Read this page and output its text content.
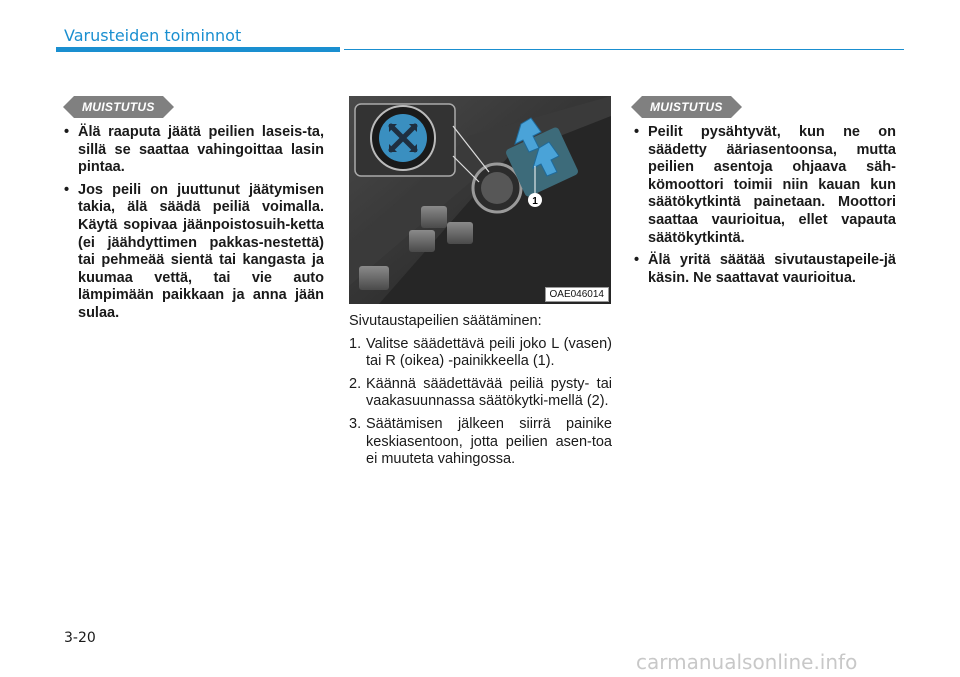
Varusteiden toiminnot
MUISTUTUS
• Älä raaputa jäätä peilien laseis-ta, sillä se saattaa vahingoittaa lasin pintaa.
• Jos peili on juuttunut jäätymisen takia, älä säädä peiliä voimalla. Käytä sopivaa jäänpoistosuih-ketta (ei jäähdyttimen pakkas-nestettä) tai pehmeää sientä tai kangasta ja kuumaa vettä, tai vie auto lämpimään paikkaan ja anna jään sulaa.
1
OAE046014
Sivutaustapeilien säätäminen:
1. Valitse säädettävä peili joko L (vasen) tai R (oikea) -painikkeella (1).
2. Käännä säädettävää peiliä pysty- tai vaakasuunnassa säätökytki-mellä (2).
3. Säätämisen jälkeen siirrä painike keskiasentoon, jotta peilien asen-toa ei muuteta vahingossa.
MUISTUTUS
• Peilit pysähtyvät, kun ne on säädetty ääriasentoonsa, mutta peilien asentoja ohjaava säh-kömoottori toimii niin kauan kun säätökytkintä painetaan. Moottori saattaa vaurioitua, ellet vapauta säätökytkintä.
• Älä yritä säätää sivutaustapeile-jä käsin. Ne saattavat vaurioitua.
3-20
carmanualsonline.info
